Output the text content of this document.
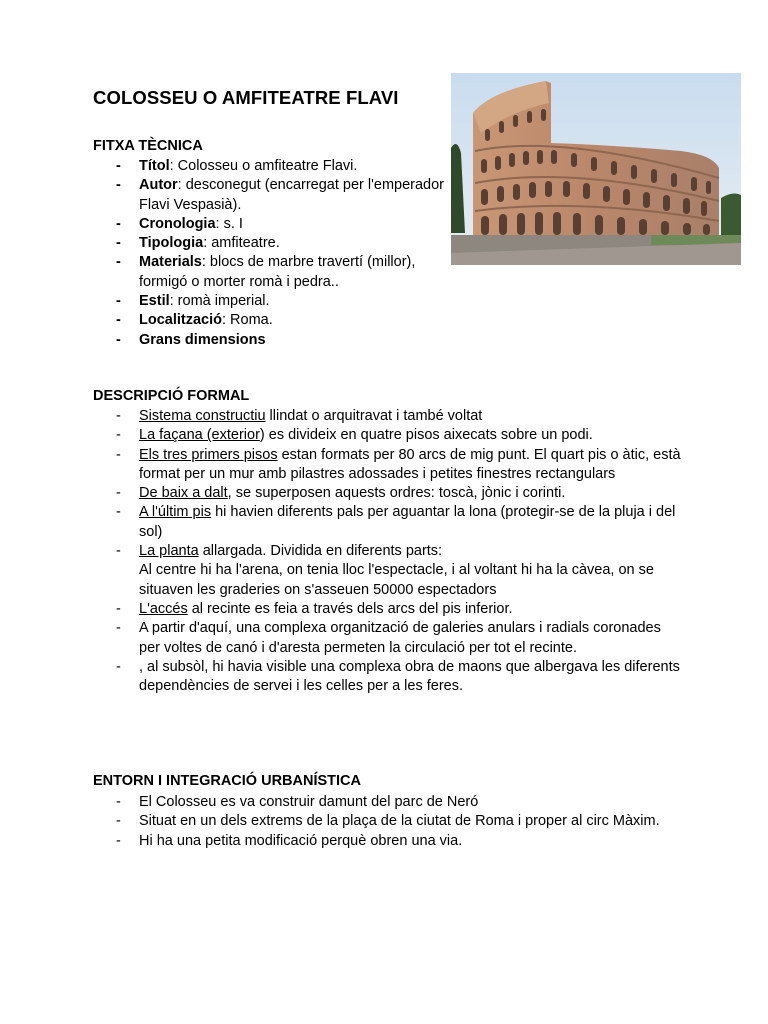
COLOSSEU O AMFITEATRE FLAVI
FITXA TÈCNICA
- Títol: Colosseu o amfiteatre Flavi.
- Autor: desconegut (encarregat per l'emperador Flavi Vespasià).
- Cronologia: s. I
- Tipologia: amfiteatre.
- Materials: blocs de marbre travertí (millor), formigó o morter romà i pedra..
- Estil: romà imperial.
- Localització: Roma.
- Grans dimensions
DESCRIPCIÓ FORMAL
- Sistema constructiu llindat o arquitravat i també voltat
- La façana (exterior) es divideix en quatre pisos aixecats sobre un podi.
- Els tres primers pisos estan formats per 80 arcs de mig punt. El quart pis o àtic, està format per un mur amb pilastres adossades i petites finestres rectangulars
- De baix a dalt, se superposen aquests ordres: toscà, jònic i corinti.
- A l'últim pis hi havien diferents pals per aguantar la lona (protegir-se de la pluja i del sol)
- La planta allargada. Dividida en diferents parts:
Al centre hi ha l'arena, on tenia lloc l'espectacle, i al voltant hi ha la càvea, on se situaven les graderies on s'asseuen 50000 espectadors
- L'accés al recinte es feia a través dels arcs del pis inferior.
- A partir d'aquí, una complexa organització de galeries anulars i radials coronades per voltes de canó i d'aresta permeten la circulació per tot el recinte.
- , al subsòl, hi havia visible una complexa obra de maons que albergava les diferents dependències de servei i les celles per a les feres.
ENTORN I INTEGRACIÓ URBANÍSTICA
- El Colosseu es va construir damunt del parc de Neró
- Situat en un dels extrems de la plaça de la ciutat de Roma i proper al circ Màxim.
- Hi ha una petita modificació perquè obren una via.
